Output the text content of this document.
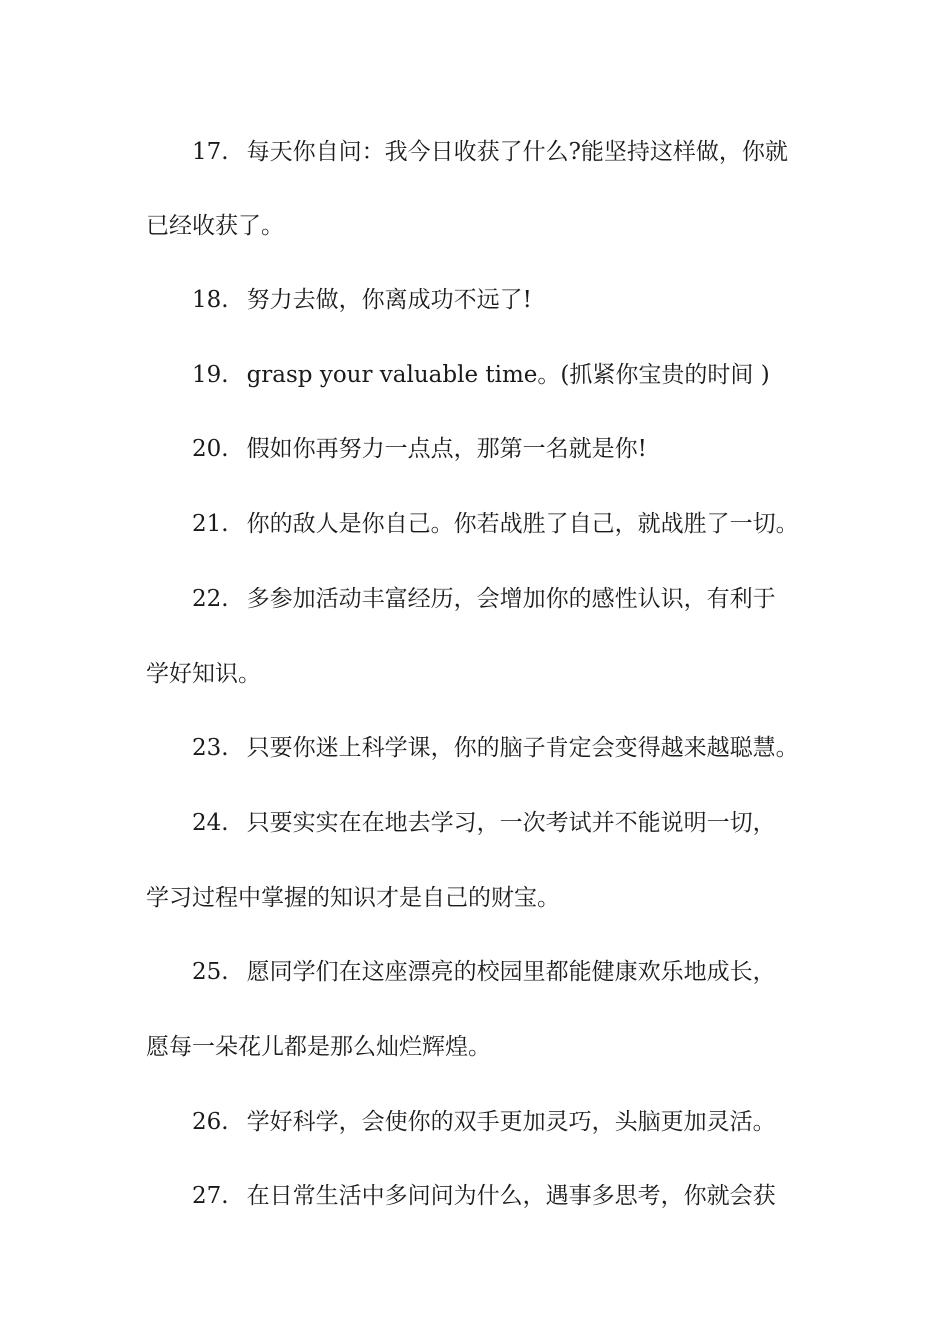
17. 每天你自问：我今日收获了什么?能坚持这样做，你就
已经收获了。
18. 努力去做，你离成功不远了!
19. grasp your valuable time。(抓紧你宝贵的时间 )
20. 假如你再努力一点点，那第一名就是你!
21. 你的敌人是你自己。你若战胜了自己，就战胜了一切。
22. 多参加活动丰富经历，会增加你的感性认识，有利于
学好知识。
23. 只要你迷上科学课，你的脑子肯定会变得越来越聪慧。
24. 只要实实在在地去学习，一次考试并不能说明一切，
学习过程中掌握的知识才是自己的财宝。
25. 愿同学们在这座漂亮的校园里都能健康欢乐地成长，
愿每一朵花儿都是那么灿烂辉煌。
26. 学好科学，会使你的双手更加灵巧，头脑更加灵活。
27. 在日常生活中多问问为什么，遇事多思考，你就会获
